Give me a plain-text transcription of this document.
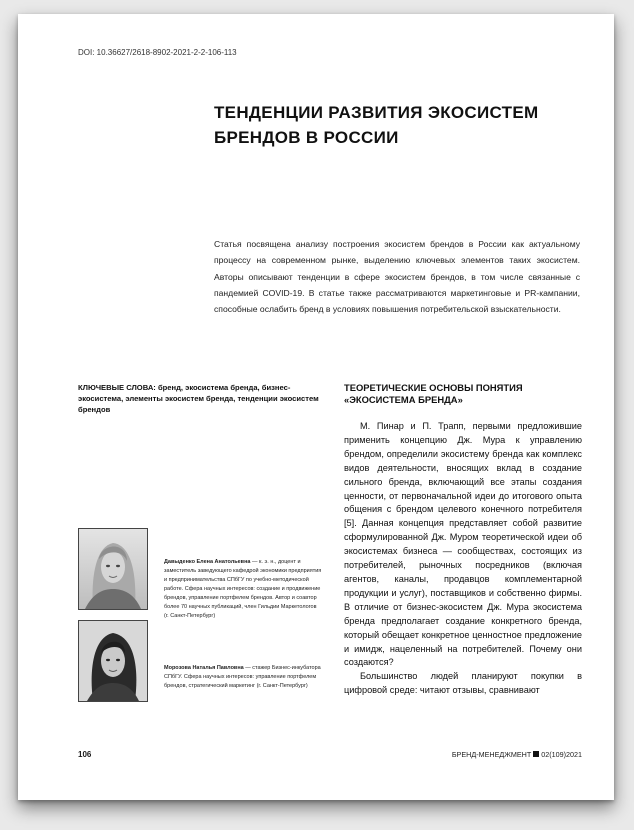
DOI: 10.36627/2618-8902-2021-2-2-106-113
ТЕНДЕНЦИИ РАЗВИТИЯ ЭКОСИСТЕМ
БРЕНДОВ В РОССИИ
Статья посвящена анализу построения экосистем брендов в России как актуальному процессу на современном рынке, выделению ключевых элементов таких экосистем. Авторы описывают тенденции в сфере экосистем брендов, в том числе связанные с пандемией COVID-19. В статье также рассматриваются маркетинговые и PR-кампании, способные ослабить бренд в условиях повышения потребительской взыскательности.
КЛЮЧЕВЫЕ СЛОВА: бренд, экосистема бренда, бизнес-экосистема, элементы экосистем бренда, тенденции экосистем брендов
Давыденко Елена Анатольевна — к. э. н., доцент и заместитель заведующего кафедрой экономики предприятия и предпринимательства СПбГУ по учебно-методической работе. Сфера научных интересов: создание и продвижение брендов, управление портфелем брендов. Автор и соавтор более 70 научных публикаций, член Гильдии Маркетологов (г. Санкт-Петербург)
Морозова Наталья Павловна — стажер Бизнес-инкубатора СПбГУ. Сфера научных интересов: управление портфелем брендов, стратегический маркетинг (г. Санкт-Петербург)
ТЕОРЕТИЧЕСКИЕ ОСНОВЫ ПОНЯТИЯ
«ЭКОСИСТЕМА БРЕНДА»

М. Пинар и П. Трапп, первыми предложившие применить концепцию Дж. Мура к управлению брендом, определили экосистему бренда как комплекс видов деятельности, вносящих вклад в создание сильного бренда, включающий все этапы создания ценности, от первоначальной идеи до итогового опыта общения с брендом целевого конечного потребителя [5]. Данная концепция представляет собой развитие сформулированной Дж. Муром теоретической идеи об экосистемах бизнеса — сообществах, состоящих из потребителей, рыночных посредников (включая агентов, каналы, продавцов комплементарной продукции и услуг), поставщиков и собственно фирмы. В отличие от бизнес-экосистем Дж. Мура экосистема бренда предполагает создание конкретного бренда, который обещает конкретное ценностное предложение и имидж, нацеленный на потребителей. Почему они создаются?

Большинство людей планируют покупки в цифровой среде: читают отзывы, сравнивают

106	БРЕНД-МЕНЕДЖМЕНТ 02(109)2021
